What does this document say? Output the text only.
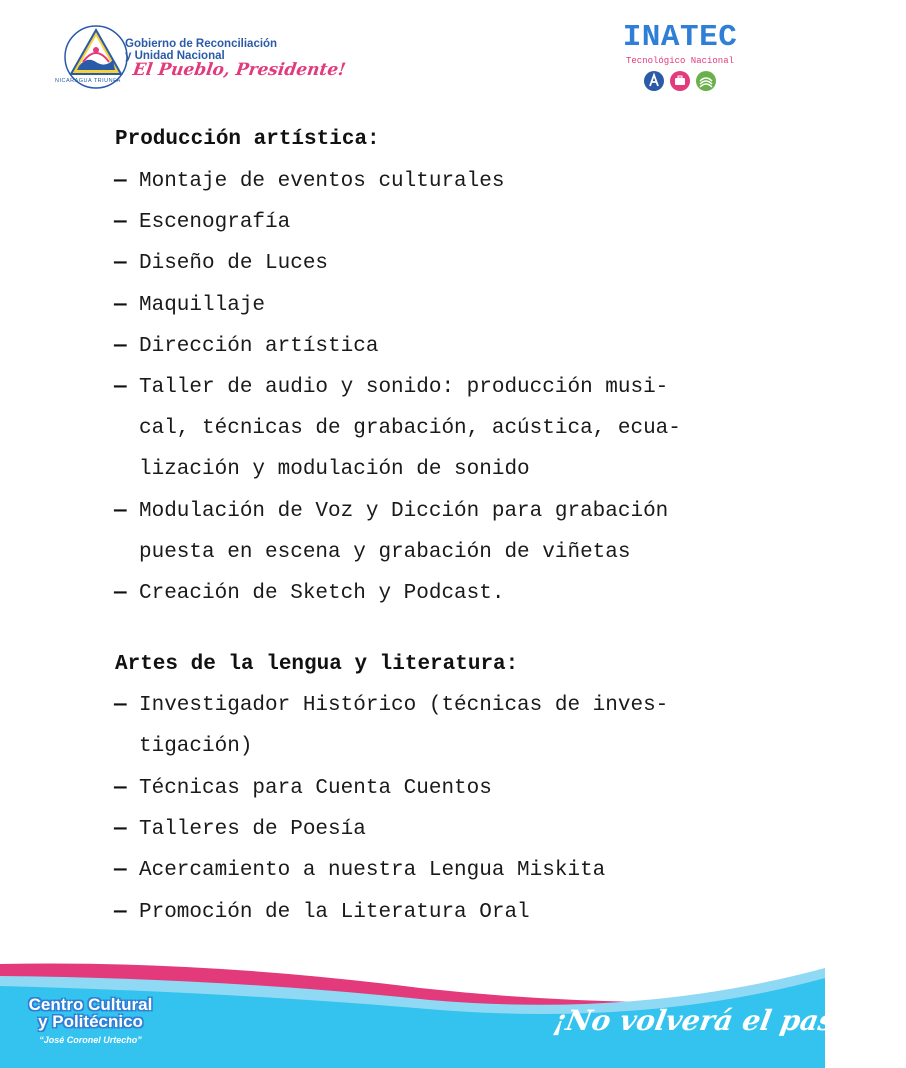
Gobierno de Reconciliación
y Unidad Nacional
El Pueblo, Presidente!
NICARAGUA TRIUNFA
INATEC
Tecnológico Nacional
Producción artística:
— Montaje de eventos culturales
— Escenografía
— Diseño de Luces
— Maquillaje
— Dirección artística
— Taller de audio y sonido: producción musi-
cal, técnicas de grabación, acústica, ecua-
lización y modulación de sonido
— Modulación de Voz y Dicción para grabación
puesta en escena y grabación de viñetas
— Creación de Sketch y Podcast.
Artes de la lengua y literatura:
— Investigador Histórico (técnicas de inves-
tigación)
— Técnicas para Cuenta Cuentos
— Talleres de Poesía
— Acercamiento a nuestra Lengua Miskita
— Promoción de la Literatura Oral
Centro Cultural
y Politécnico
“José Coronel Urtecho”
¡No volverá el pasado!
